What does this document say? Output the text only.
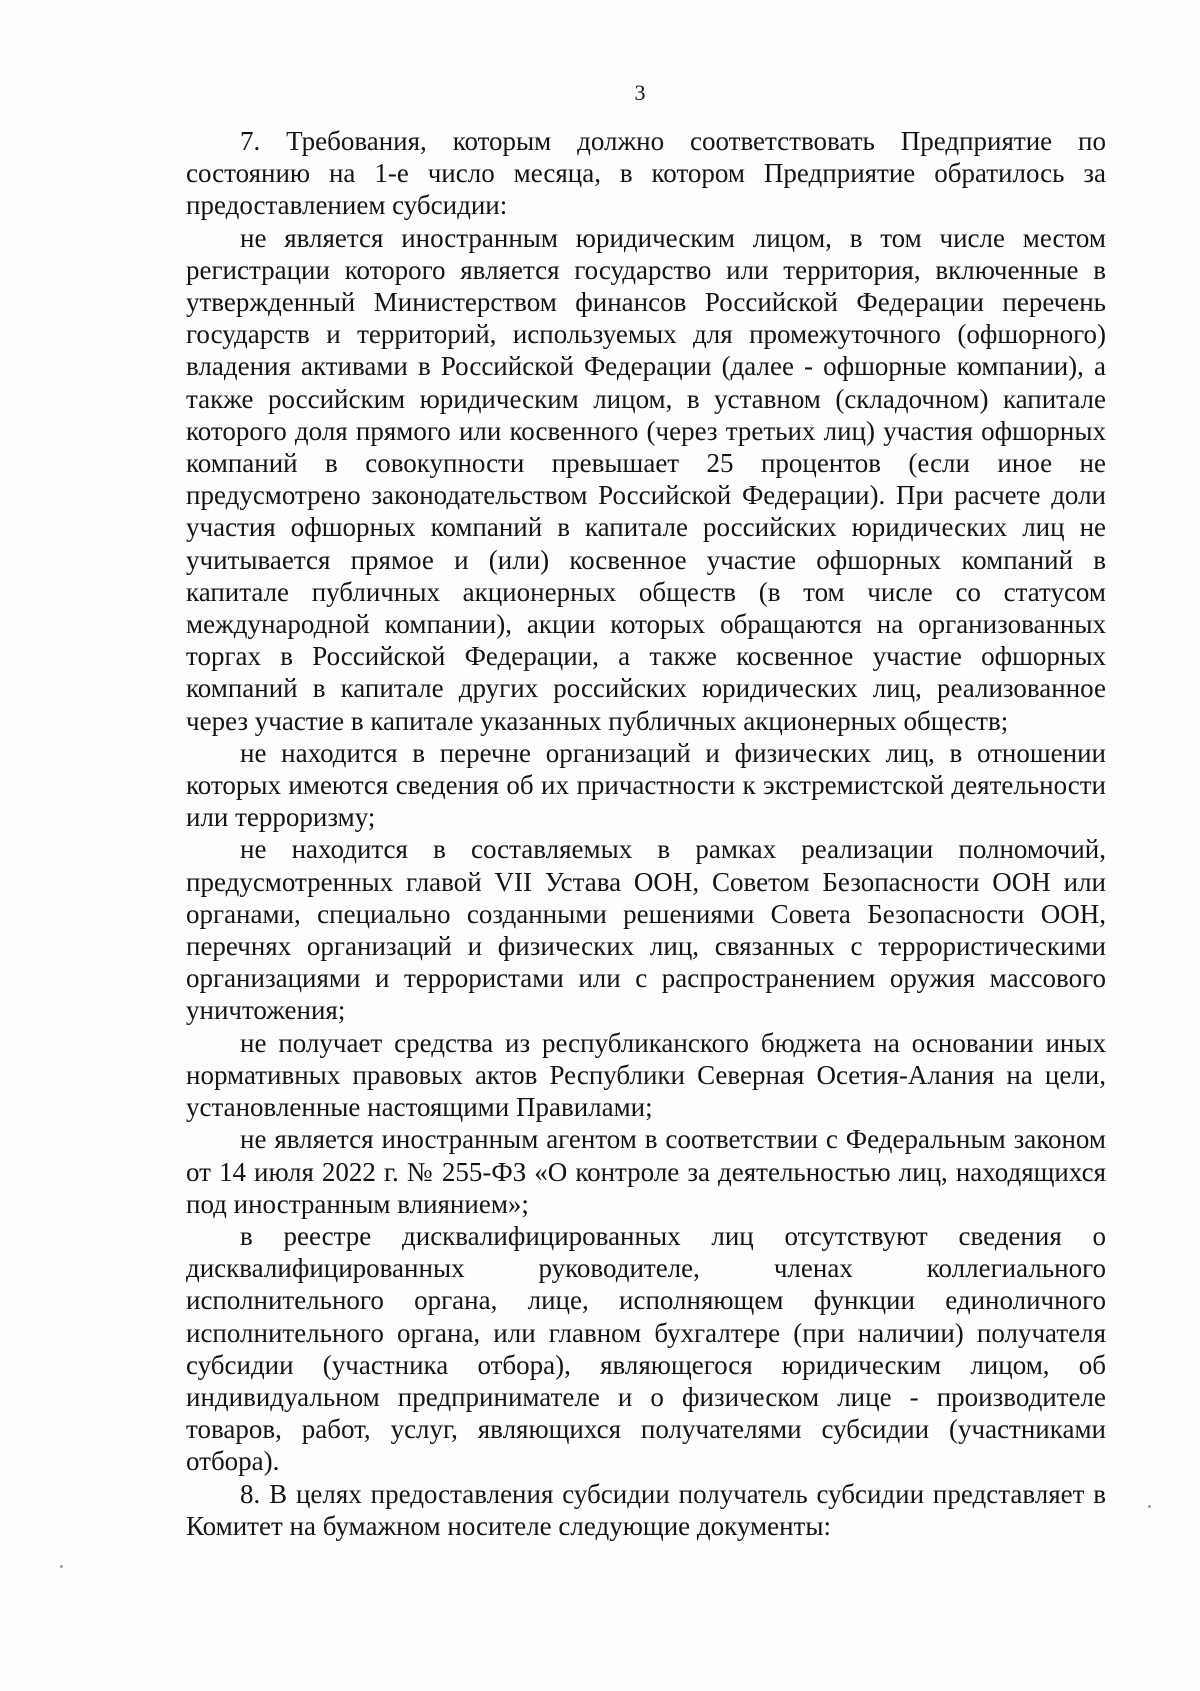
3

7. Требования, которым должно соответствовать Предприятие по состоянию на 1-е число месяца, в котором Предприятие обратилось за предоставлением субсидии:

не является иностранным юридическим лицом, в том числе местом регистрации которого является государство или территория, включенные в утвержденный Министерством финансов Российской Федерации перечень государств и территорий, используемых для промежуточного (офшорного) владения активами в Российской Федерации (далее - офшорные компании), а также российским юридическим лицом, в уставном (складочном) капитале которого доля прямого или косвенного (через третьих лиц) участия офшорных компаний в совокупности превышает 25 процентов (если иное не предусмотрено законодательством Российской Федерации). При расчете доли участия офшорных компаний в капитале российских юридических лиц не учитывается прямое и (или) косвенное участие офшорных компаний в капитале публичных акционерных обществ (в том числе со статусом международной компании), акции которых обращаются на организованных торгах в Российской Федерации, а также косвенное участие офшорных компаний в капитале других российских юридических лиц, реализованное через участие в капитале указанных публичных акционерных обществ;

не находится в перечне организаций и физических лиц, в отношении которых имеются сведения об их причастности к экстремистской деятельности или терроризму;

не находится в составляемых в рамках реализации полномочий, предусмотренных главой VII Устава ООН, Советом Безопасности ООН или органами, специально созданными решениями Совета Безопасности ООН, перечнях организаций и физических лиц, связанных с террористическими организациями и террористами или с распространением оружия массового уничтожения;

не получает средства из республиканского бюджета на основании иных нормативных правовых актов Республики Северная Осетия-Алания на цели, установленные настоящими Правилами;

не является иностранным агентом в соответствии с Федеральным законом от 14 июля 2022 г. № 255-ФЗ «О контроле за деятельностью лиц, находящихся под иностранным влиянием»;

в реестре дисквалифицированных лиц отсутствуют сведения о дисквалифицированных руководителе, членах коллегиального исполнительного органа, лице, исполняющем функции единоличного исполнительного органа, или главном бухгалтере (при наличии) получателя субсидии (участника отбора), являющегося юридическим лицом, об индивидуальном предпринимателе и о физическом лице - производителе товаров, работ, услуг, являющихся получателями субсидии (участниками отбора).

8. В целях предоставления субсидии получатель субсидии представляет в Комитет на бумажном носителе следующие документы:
